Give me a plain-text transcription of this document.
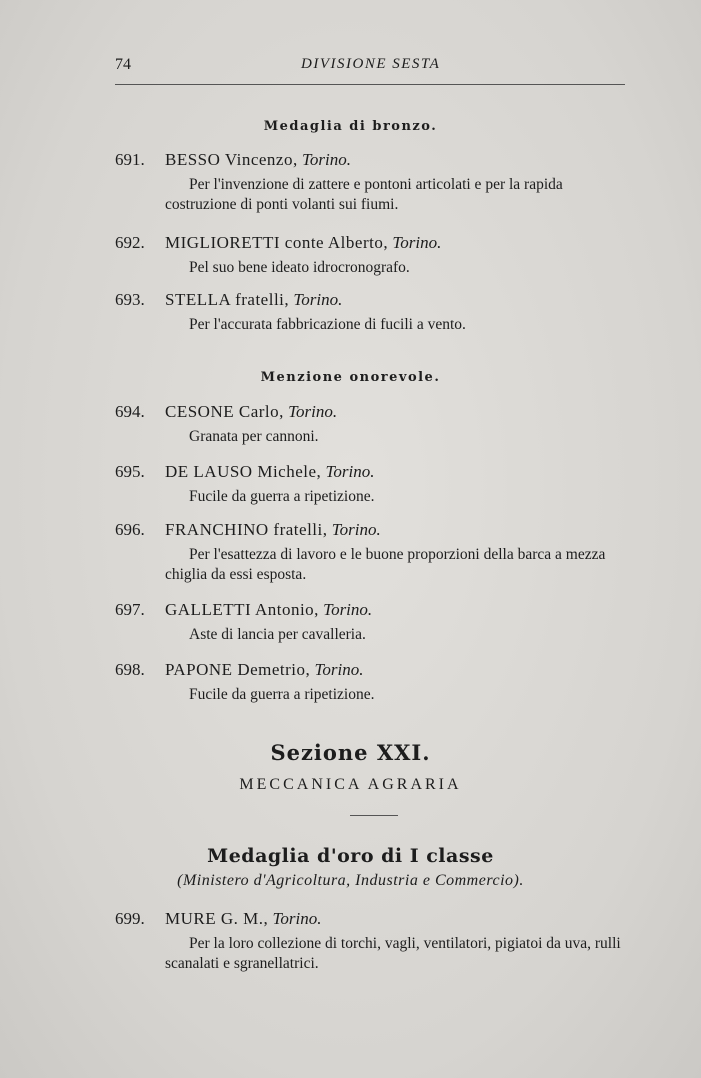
74	DIVISIONE SESTA
Medaglia di bronzo.
691. BESSO Vincenzo, Torino.
Per l'invenzione di zattere e pontoni articolati e per la rapida costruzione di ponti volanti sui fiumi.
692. MIGLIORETTI conte Alberto, Torino.
Pel suo bene ideato idrocronografo.
693. STELLA fratelli, Torino.
Per l'accurata fabbricazione di fucili a vento.
Menzione onorevole.
694. CESONE Carlo, Torino.
Granata per cannoni.
695. DE LAUSO Michele, Torino.
Fucile da guerra a ripetizione.
696. FRANCHINO fratelli, Torino.
Per l'esattezza di lavoro e le buone proporzioni della barca a mezza chiglia da essi esposta.
697. GALLETTI Antonio, Torino.
Aste di lancia per cavalleria.
698. PAPONE Demetrio, Torino.
Fucile da guerra a ripetizione.
Sezione XXI.
MECCANICA AGRARIA
Medaglia d'oro di I classe
(Ministero d'Agricoltura, Industria e Commercio).
699. MURE G. M., Torino.
Per la loro collezione di torchi, vagli, ventilatori, pigiatoi da uva, rulli scanalati e sgranellatrici.
